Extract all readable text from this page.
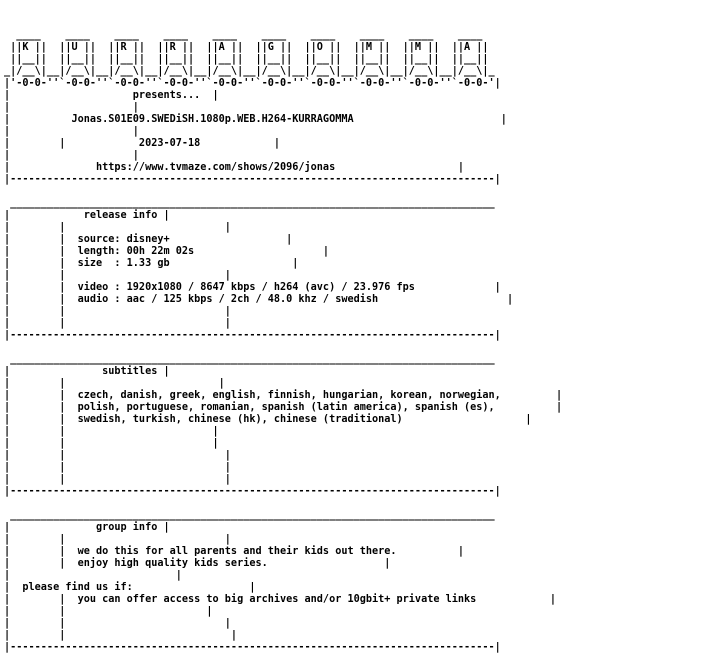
____    ____    ____    ____    ____    ____    ____    ____    ____    ____
||K ||  ||U ||  ||R ||  ||R ||  ||A ||  ||G ||  ||O ||  ||M ||  ||M ||  ||A ||
||__||  ||__||  ||__||  ||__||  ||__||  ||__||  ||__||  ||__||  ||__||  ||__||
_|/__\|__|/__\|__|/__\|__|/__\|__|/__\|__|/__\|__|/__\|__|/__\|__|/__\|__|/__\|_
|'-0-0-''`-0-0-''`-0-0-''`-0-0-''`-0-0-''`-0-0-''`-0-0-''`-0-0-''`-0-0-''`-0-0-'|
|                    presents...  |
|                    |
|          Jonas.S01E09.SWEDiSH.1080p.WEB.H264-KURRAGOMMA                        |
|                    |
|        |            2023-07-18            |
|                    |
|              https://www.tvmaze.com/shows/2096/jonas                    |
|-------------------------------------------------------------------------------|
_______________________________________________________________________________
|            release info |
|        |                          |
|        |  source: disney+                   |
|        |  length: 00h 22m 02s                     |
|        |  size  : 1.33 gb                    |
|        |                          |
|        |  video : 1920x1080 / 8647 kbps / h264 (avc) / 23.976 fps             |
|        |  audio : aac / 125 kbps / 2ch / 48.0 khz / swedish                     |
|        |                          |
|        |                          |
|-------------------------------------------------------------------------------|
_______________________________________________________________________________
|               subtitles |
|        |                         |
|        |  czech, danish, greek, english, finnish, hungarian, korean, norwegian,         |
|        |  polish, portuguese, romanian, spanish (latin america), spanish (es),          |
|        |  swedish, turkish, chinese (hk), chinese (traditional)                    |
|        |                        |
|        |                        |
|        |                          |
|        |                          |
|        |                          |
|-------------------------------------------------------------------------------|
_______________________________________________________________________________
|              group info |
|        |                          |
|        |  we do this for all parents and their kids out there.          |
|        |  enjoy high quality kids series.                   |
|                           |
|  please find us if:                   |
|        |  you can offer access to big archives and/or 10gbit+ private links            |
|        |                       |
|        |                          |
|        |                           |
|-------------------------------------------------------------------------------|
